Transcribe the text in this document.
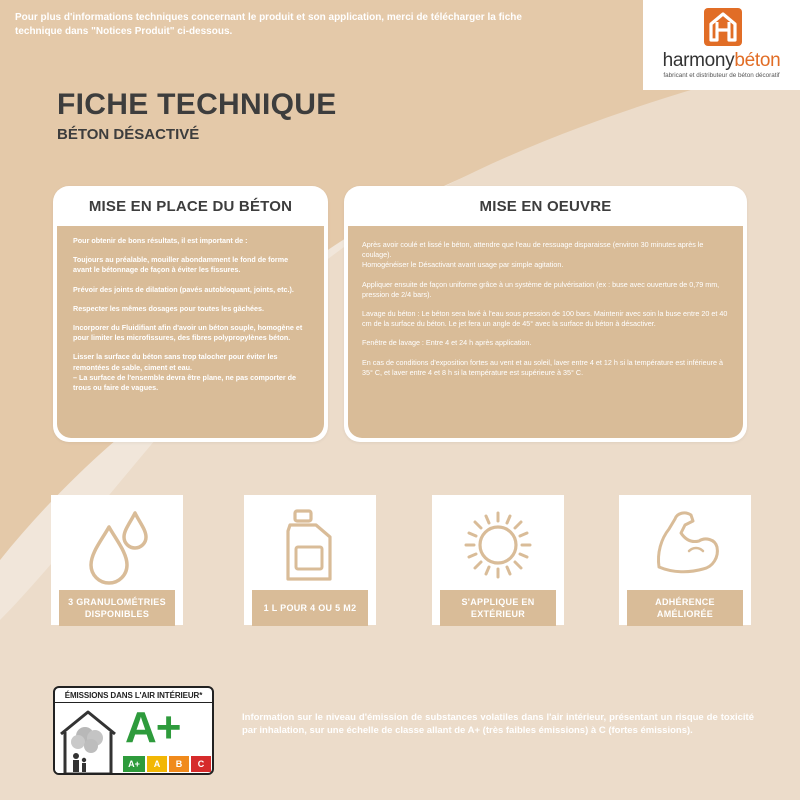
Pour plus d'informations techniques concernant le produit et son application, merci de télécharger la fiche technique dans "Notices Produit" ci-dessous.
harmonybéton
fabricant et distributeur de béton décoratif
FICHE TECHNIQUE
BÉTON DÉSACTIVÉ
MISE EN PLACE DU BÉTON

Pour obtenir de bons résultats, il est important de :

Toujours au préalable, mouiller abondamment le fond de forme avant le bétonnage de façon à éviter les fissures.

Prévoir des joints de dilatation (pavés autobloquant, joints, etc.).

Respecter les mêmes dosages pour toutes les gâchées.

Incorporer du Fluidifiant afin d'avoir un béton souple, homogène et pour limiter les microfissures, des fibres polypropylènes béton.

Lisser la surface du béton sans trop talocher pour éviter les remontées de sable, ciment et eau.
– La surface de l'ensemble devra être plane, ne pas comporter de trous ou faire de vagues.

MISE EN OEUVRE

Après avoir coulé et lissé le béton, attendre que l'eau de ressuage disparaisse (environ 30 minutes après le coulage).
Homogénéiser le Désactivant avant usage par simple agitation.

Appliquer ensuite de façon uniforme grâce à un système de pulvérisation (ex : buse avec ouverture de 0,79 mm, pression de 2/4 bars).

Lavage du béton : Le béton sera lavé à l'eau sous pression de 100 bars. Maintenir avec soin la buse entre 20 et 40 cm de la surface du béton. Le jet fera un angle de 45° avec la surface du béton à désactiver.

Fenêtre de lavage : Entre 4 et 24 h après application.

En cas de conditions d'exposition fortes au vent et au soleil, laver entre 4 et 12 h si la température est inférieure à 35° C, et laver entre 4 et 8 h si la température est supérieure à 35° C.

3 GRANULOMÉTRIES DISPONIBLES
1 L POUR 4 OU 5 M2
S'APPLIQUE EN EXTÉRIEUR
ADHÉRENCE AMÉLIORÉE
ÉMISSIONS DANS L'AIR INTÉRIEUR*
A+
A+	A	B	C
Information sur le niveau d'émission de substances volatiles dans l'air intérieur, présentant un risque de toxicité par inhalation, sur une échelle de classe allant de A+ (très faibles émissions) à C (fortes émissions).
